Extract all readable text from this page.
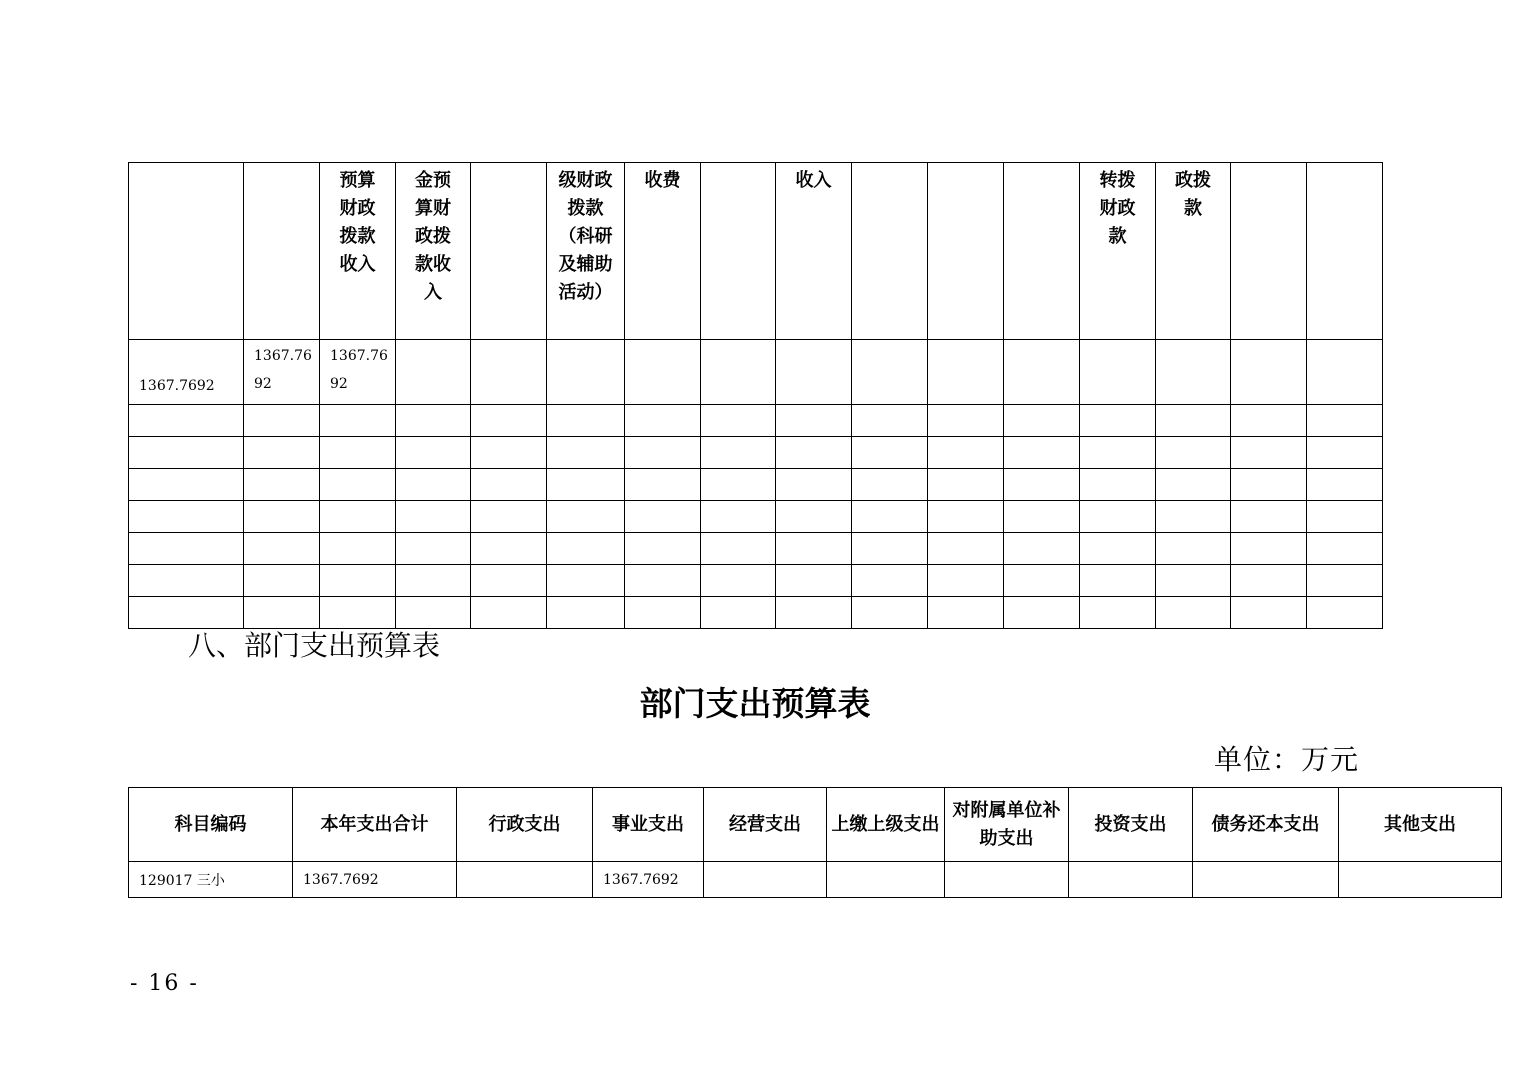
		预算财政拨款收入	金预算财政拨款收入		级财政拨款（科研及辅助活动）	收费		收入				转拨财政款	政拨款		
1367.7692	1367.7692	1367.7692													

八、部门支出预算表
部门支出预算表
单位：万元
科目编码	本年支出合计	行政支出	事业支出	经营支出	上缴上级支出	对附属单位补助支出	投资支出	债务还本支出	其他支出
129017 三小	1367.7692		1367.7692						
- 16 -
